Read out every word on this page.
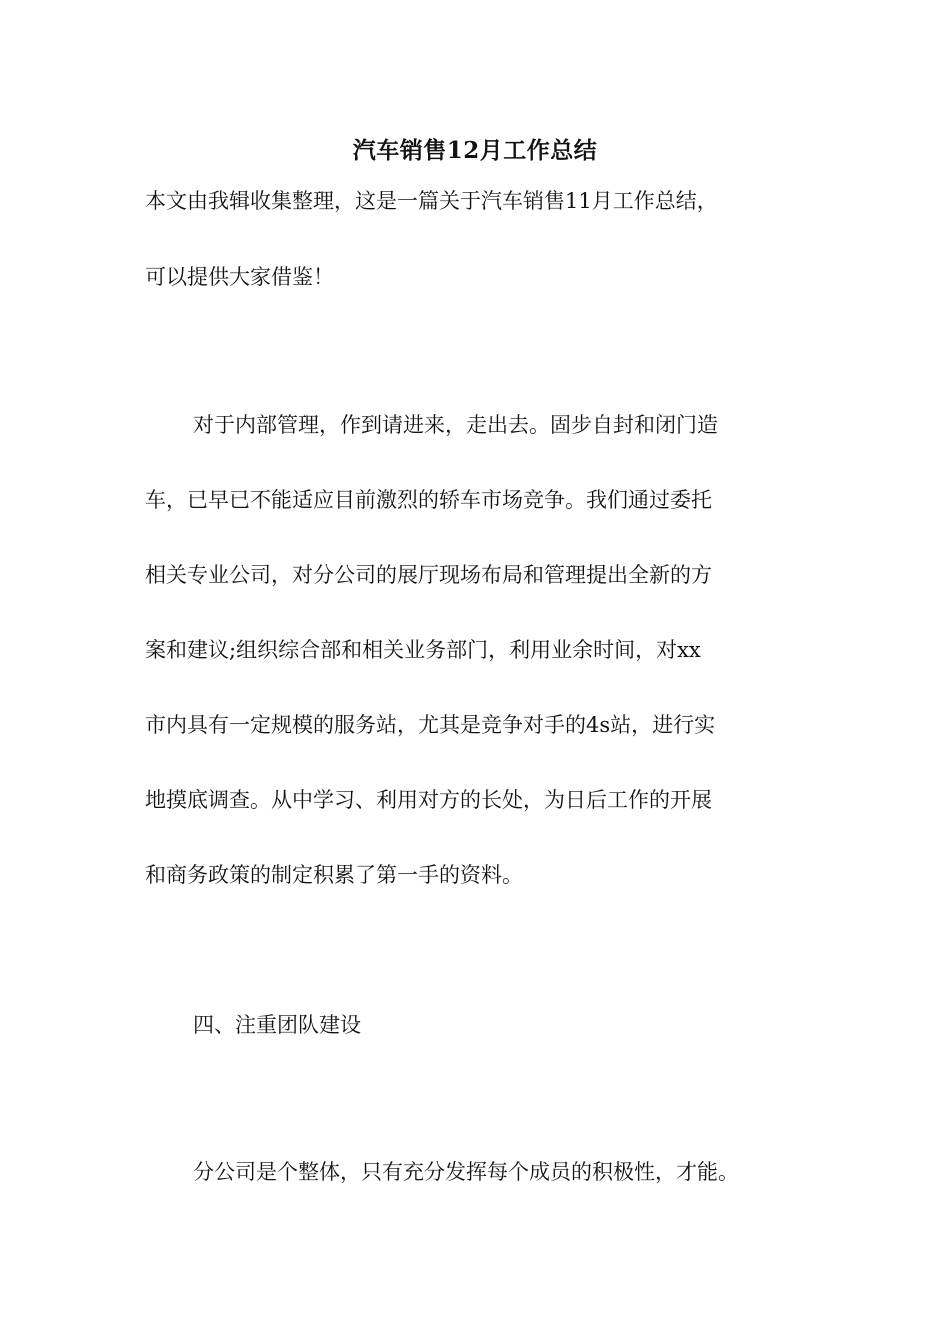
汽车销售12月工作总结

本文由我辑收集整理，这是一篇关于汽车销售11月工作总结，

可以提供大家借鉴！

对于内部管理，作到请进来，走出去。固步自封和闭门造

车，已早已不能适应目前激烈的轿车市场竞争。我们通过委托

相关专业公司，对分公司的展厅现场布局和管理提出全新的方

案和建议;组织综合部和相关业务部门，利用业余时间，对xx

市内具有一定规模的服务站，尤其是竞争对手的4s站，进行实

地摸底调查。从中学习、利用对方的长处，为日后工作的开展

和商务政策的制定积累了第一手的资料。

四、注重团队建设

分公司是个整体，只有充分发挥每个成员的积极性，才能。
